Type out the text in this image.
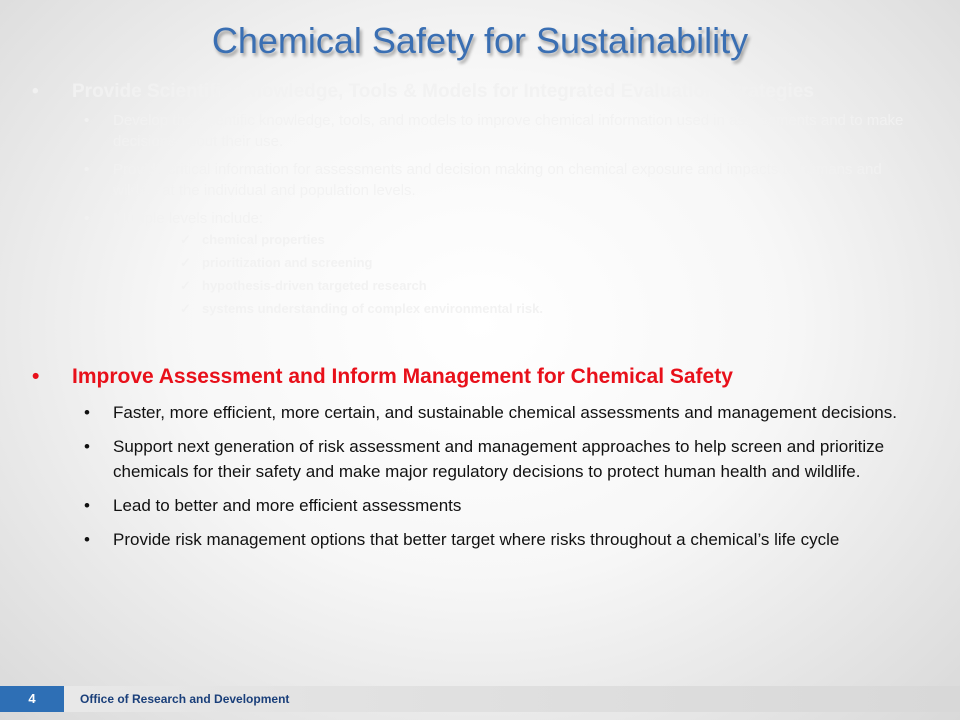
Chemical Safety for Sustainability
• Provide Scientific Knowledge, Tools & Models for Integrated Evaluation Strategies
• Develop the scientific knowledge, tools, and models to improve chemical information used in assessments and to make decisions about their use.
• Provide critical information for assessments and decision making on chemical exposure and impacts to humans and wildlife at the individual and population levels.
• Multiple levels include:
✓ chemical properties
✓ prioritization and screening
✓ hypothesis-driven targeted research
✓ systems understanding of complex environmental risk.
• Improve Assessment and Inform Management for Chemical Safety
• Faster, more efficient, more certain, and sustainable chemical assessments and management decisions.
• Support next generation of risk assessment and management approaches to help screen and prioritize chemicals for their safety and make major regulatory decisions to protect human health and wildlife.
• Lead to better and more efficient assessments
• Provide risk management options that better target where risks throughout a chemical’s life cycle
4	Office of Research and Development
